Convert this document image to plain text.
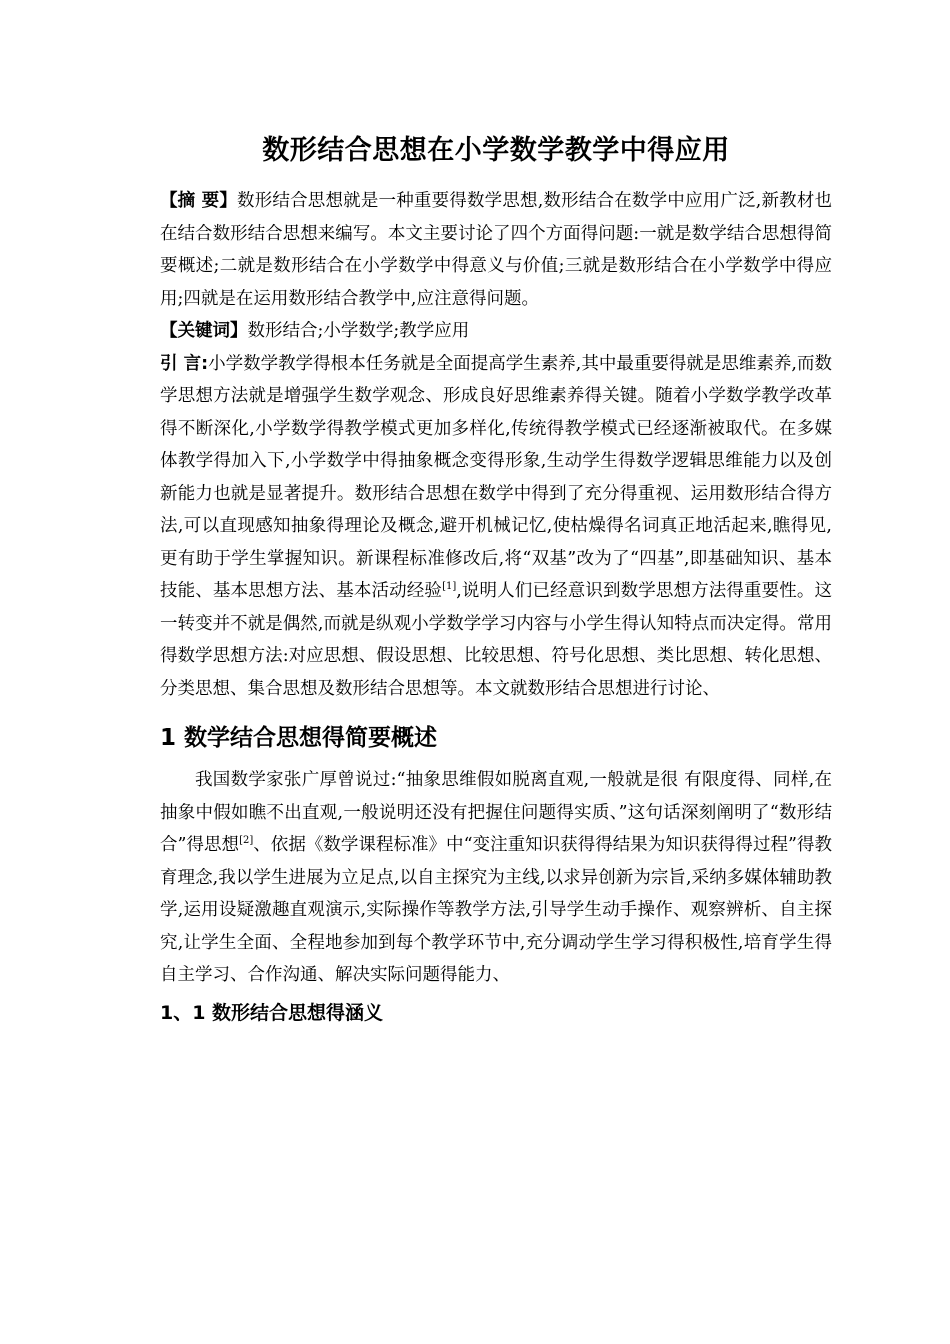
数形结合思想在小学数学教学中得应用

【摘 要】数形结合思想就是一种重要得数学思想,数形结合在数学中应用广泛,新教材也在结合数形结合思想来编写。本文主要讨论了四个方面得问题:一就是数学结合思想得简要概述;二就是数形结合在小学数学中得意义与价值;三就是数形结合在小学数学中得应用;四就是在运用数形结合教学中,应注意得问题。

【关键词】数形结合;小学数学;教学应用

引 言:小学数学教学得根本任务就是全面提高学生素养,其中最重要得就是思维素养,而数学思想方法就是增强学生数学观念、形成良好思维素养得关键。随着小学数学教学改革得不断深化,小学数学得教学模式更加多样化,传统得教学模式已经逐渐被取代。在多媒体教学得加入下,小学数学中得抽象概念变得形象,生动学生得数学逻辑思维能力以及创新能力也就是显著提升。数形结合思想在数学中得到了充分得重视、运用数形结合得方法,可以直现感知抽象得理论及概念,避开机械记忆,使枯燥得名词真正地活起来,瞧得见,更有助于学生掌握知识。新课程标准修改后,将“双基”改为了“四基”,即基础知识、基本技能、基本思想方法、基本活动经验[1],说明人们已经意识到数学思想方法得重要性。这一转变并不就是偶然,而就是纵观小学数学学习内容与小学生得认知特点而决定得。常用得数学思想方法:对应思想、假设思想、比较思想、符号化思想、类比思想、转化思想、分类思想、集合思想及数形结合思想等。本文就数形结合思想进行讨论、

1 数学结合思想得简要概述

我国数学家张广厚曾说过:“抽象思维假如脱离直观,一般就是很 有限度得、同样,在抽象中假如瞧不出直观,一般说明还没有把握住问题得实质、”这句话深刻阐明了“数形结合”得思想[2]、依据《数学课程标准》中“变注重知识获得得结果为知识获得得过程”得教育理念,我以学生进展为立足点,以自主探究为主线,以求异创新为宗旨,采纳多媒体辅助教学,运用设疑激趣直观演示,实际操作等教学方法,引导学生动手操作、观察辨析、自主探究,让学生全面、全程地参加到每个教学环节中,充分调动学生学习得积极性,培育学生得自主学习、合作沟通、解决实际问题得能力、

1、1 数形结合思想得涵义
